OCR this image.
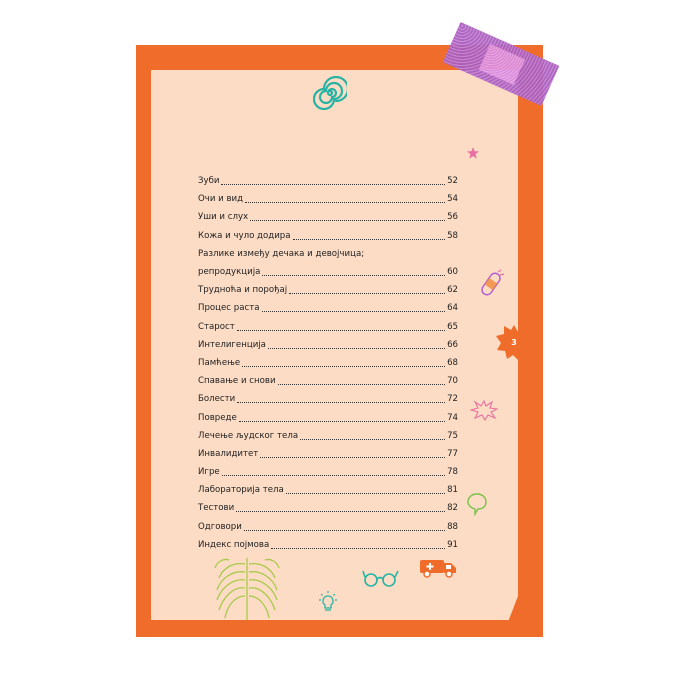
3
Зуби	52
Очи и вид	54
Уши и слух	56
Кожа и чуло додира	58
Разлике између дечака и девојчица;
репродукција	60
Трудноћа и порођај	62
Процес раста	64
Старост	65
Интелигенција	66
Памћење	68
Спавање и снови	70
Болести	72
Повреде	74
Лечење људског тела	75
Инвалидитет	77
Игре	78
Лабораторија тела	81
Тестови	82
Одговори	88
Индекс појмова	91
